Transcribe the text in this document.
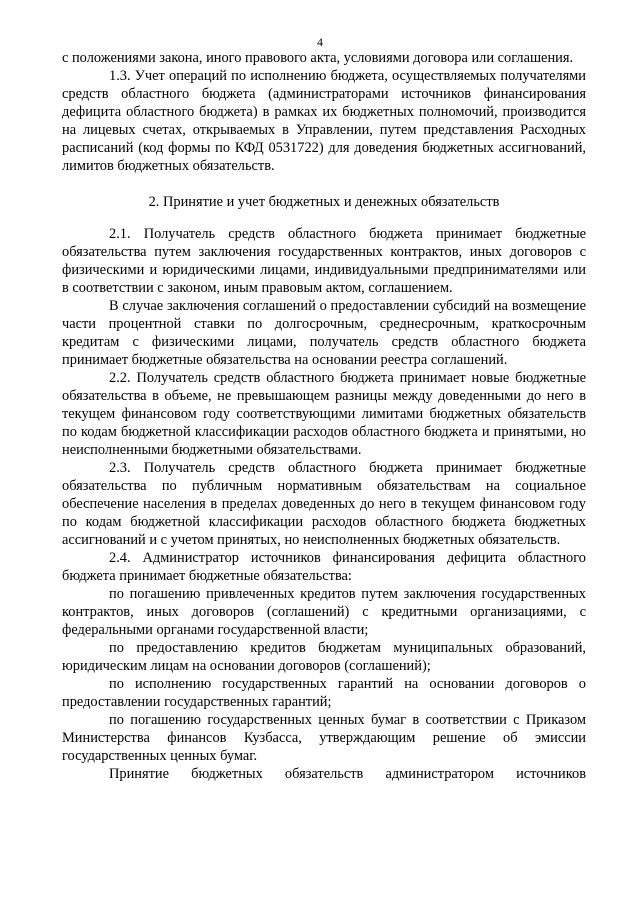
4

с положениями закона, иного правового акта, условиями договора или соглашения.

1.3. Учет операций по исполнению бюджета, осуществляемых получателями средств областного бюджета (администраторами источников финансирования дефицита областного бюджета) в рамках их бюджетных полномочий, производится на лицевых счетах, открываемых в Управлении, путем представления Расходных расписаний (код формы по КФД 0531722) для доведения бюджетных ассигнований, лимитов бюджетных обязательств.

2. Принятие и учет бюджетных и денежных обязательств

2.1. Получатель средств областного бюджета принимает бюджетные обязательства путем заключения государственных контрактов, иных договоров с физическими и юридическими лицами, индивидуальными предпринимателями или в соответствии с законом, иным правовым актом, соглашением.

В случае заключения соглашений о предоставлении субсидий на возмещение части процентной ставки по долгосрочным, среднесрочным, краткосрочным кредитам с физическими лицами, получатель средств областного бюджета принимает бюджетные обязательства на основании реестра соглашений.

2.2. Получатель средств областного бюджета принимает новые бюджетные обязательства в объеме, не превышающем разницы между доведенными до него в текущем финансовом году соответствующими лимитами бюджетных обязательств по кодам бюджетной классификации расходов областного бюджета и принятыми, но неисполненными бюджетными обязательствами.

2.3. Получатель средств областного бюджета принимает бюджетные обязательства по публичным нормативным обязательствам на социальное обеспечение населения в пределах доведенных до него в текущем финансовом году по кодам бюджетной классификации расходов областного бюджета бюджетных ассигнований и с учетом принятых, но неисполненных бюджетных обязательств.

2.4. Администратор источников финансирования дефицита областного бюджета принимает бюджетные обязательства:

по погашению привлеченных кредитов путем заключения государственных контрактов, иных договоров (соглашений) с кредитными организациями, с федеральными органами государственной власти;

по предоставлению кредитов бюджетам муниципальных образований, юридическим лицам на основании договоров (соглашений);

по исполнению государственных гарантий на основании договоров о предоставлении государственных гарантий;

по погашению государственных ценных бумаг в соответствии с Приказом Министерства финансов Кузбасса, утверждающим решение об эмиссии государственных ценных бумаг.

Принятие бюджетных обязательств администратором источников
